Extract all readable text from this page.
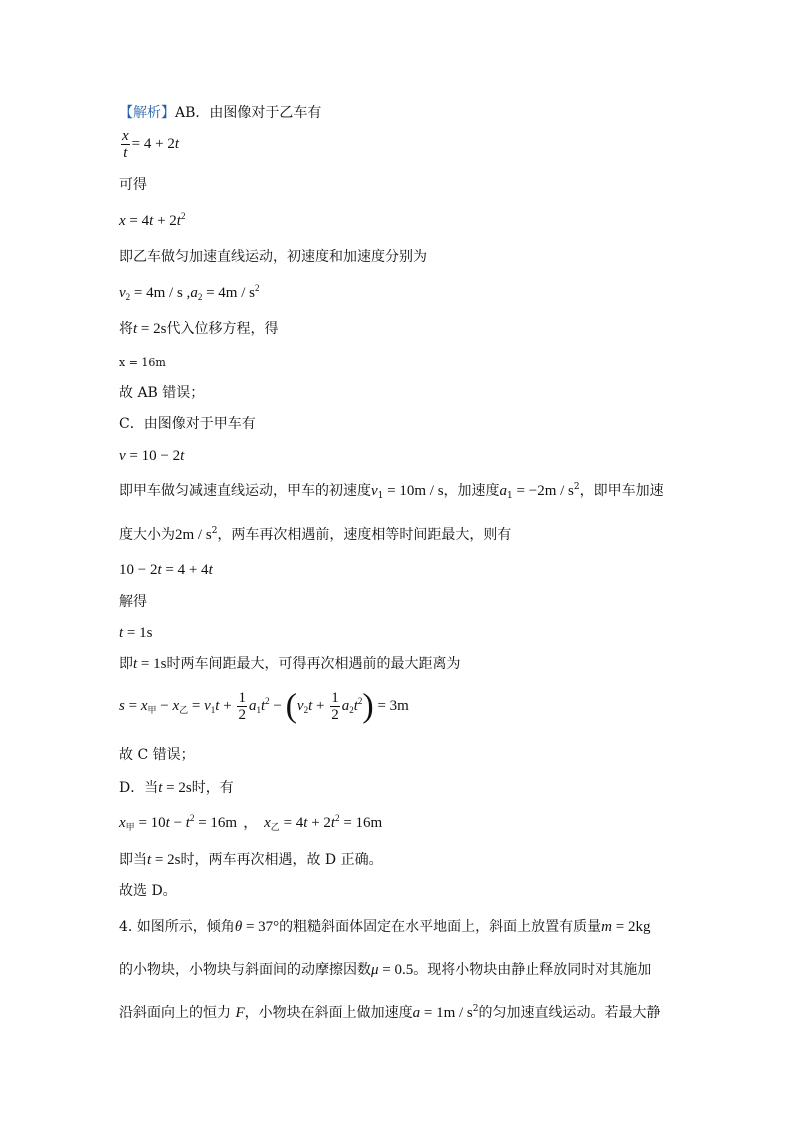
【解析】AB．由图像对于乙车有
$\frac{x}{t} = 4 + 2t$
可得
$x = 4t + 2t^2$
即乙车做匀加速直线运动，初速度和加速度分别为
$v_2 = 4m / s$ $,a_2 = 4m / s^2$
将t = 2s代入位移方程，得
x = 16m
故 AB 错误；
C．由图像对于甲车有
v = 10 − 2t
即甲车做匀减速直线运动，甲车的初速度$v_1 = 10m / s$，加速度$a_1 = -2m / s^2$，即甲车加速
度大小为$2m / s^2$，两车再次相遇前，速度相等时间距最大，则有
10 − 2t = 4 + 4t
解得
t = 1s
即t = 1s时两车间距最大，可得再次相遇前的最大距离为
$s = x_甲 - x_乙 = v_1t + \frac{1}{2} a_1t^2 - (v_2t + \frac{1}{2} a_2t^2) = 3m$
故 C 错误；
D．当t = 2s时，有
$x_甲 = 10t - t^2 = 16m$ ， $x_乙 = 4t + 2t^2 = 16m$
即当t = 2s时，两车再次相遇，故 D 正确。
故选 D。
4. 如图所示，倾角θ = 37°的粗糙斜面体固定在水平地面上，斜面上放置有质量m = 2kg
的小物块，小物块与斜面间的动摩擦因数μ = 0.5。现将小物块由静止释放同时对其施加
沿斜面向上的恒力 F，小物块在斜面上做加速度$a = 1m / s^2$的匀加速直线运动。若最大静
